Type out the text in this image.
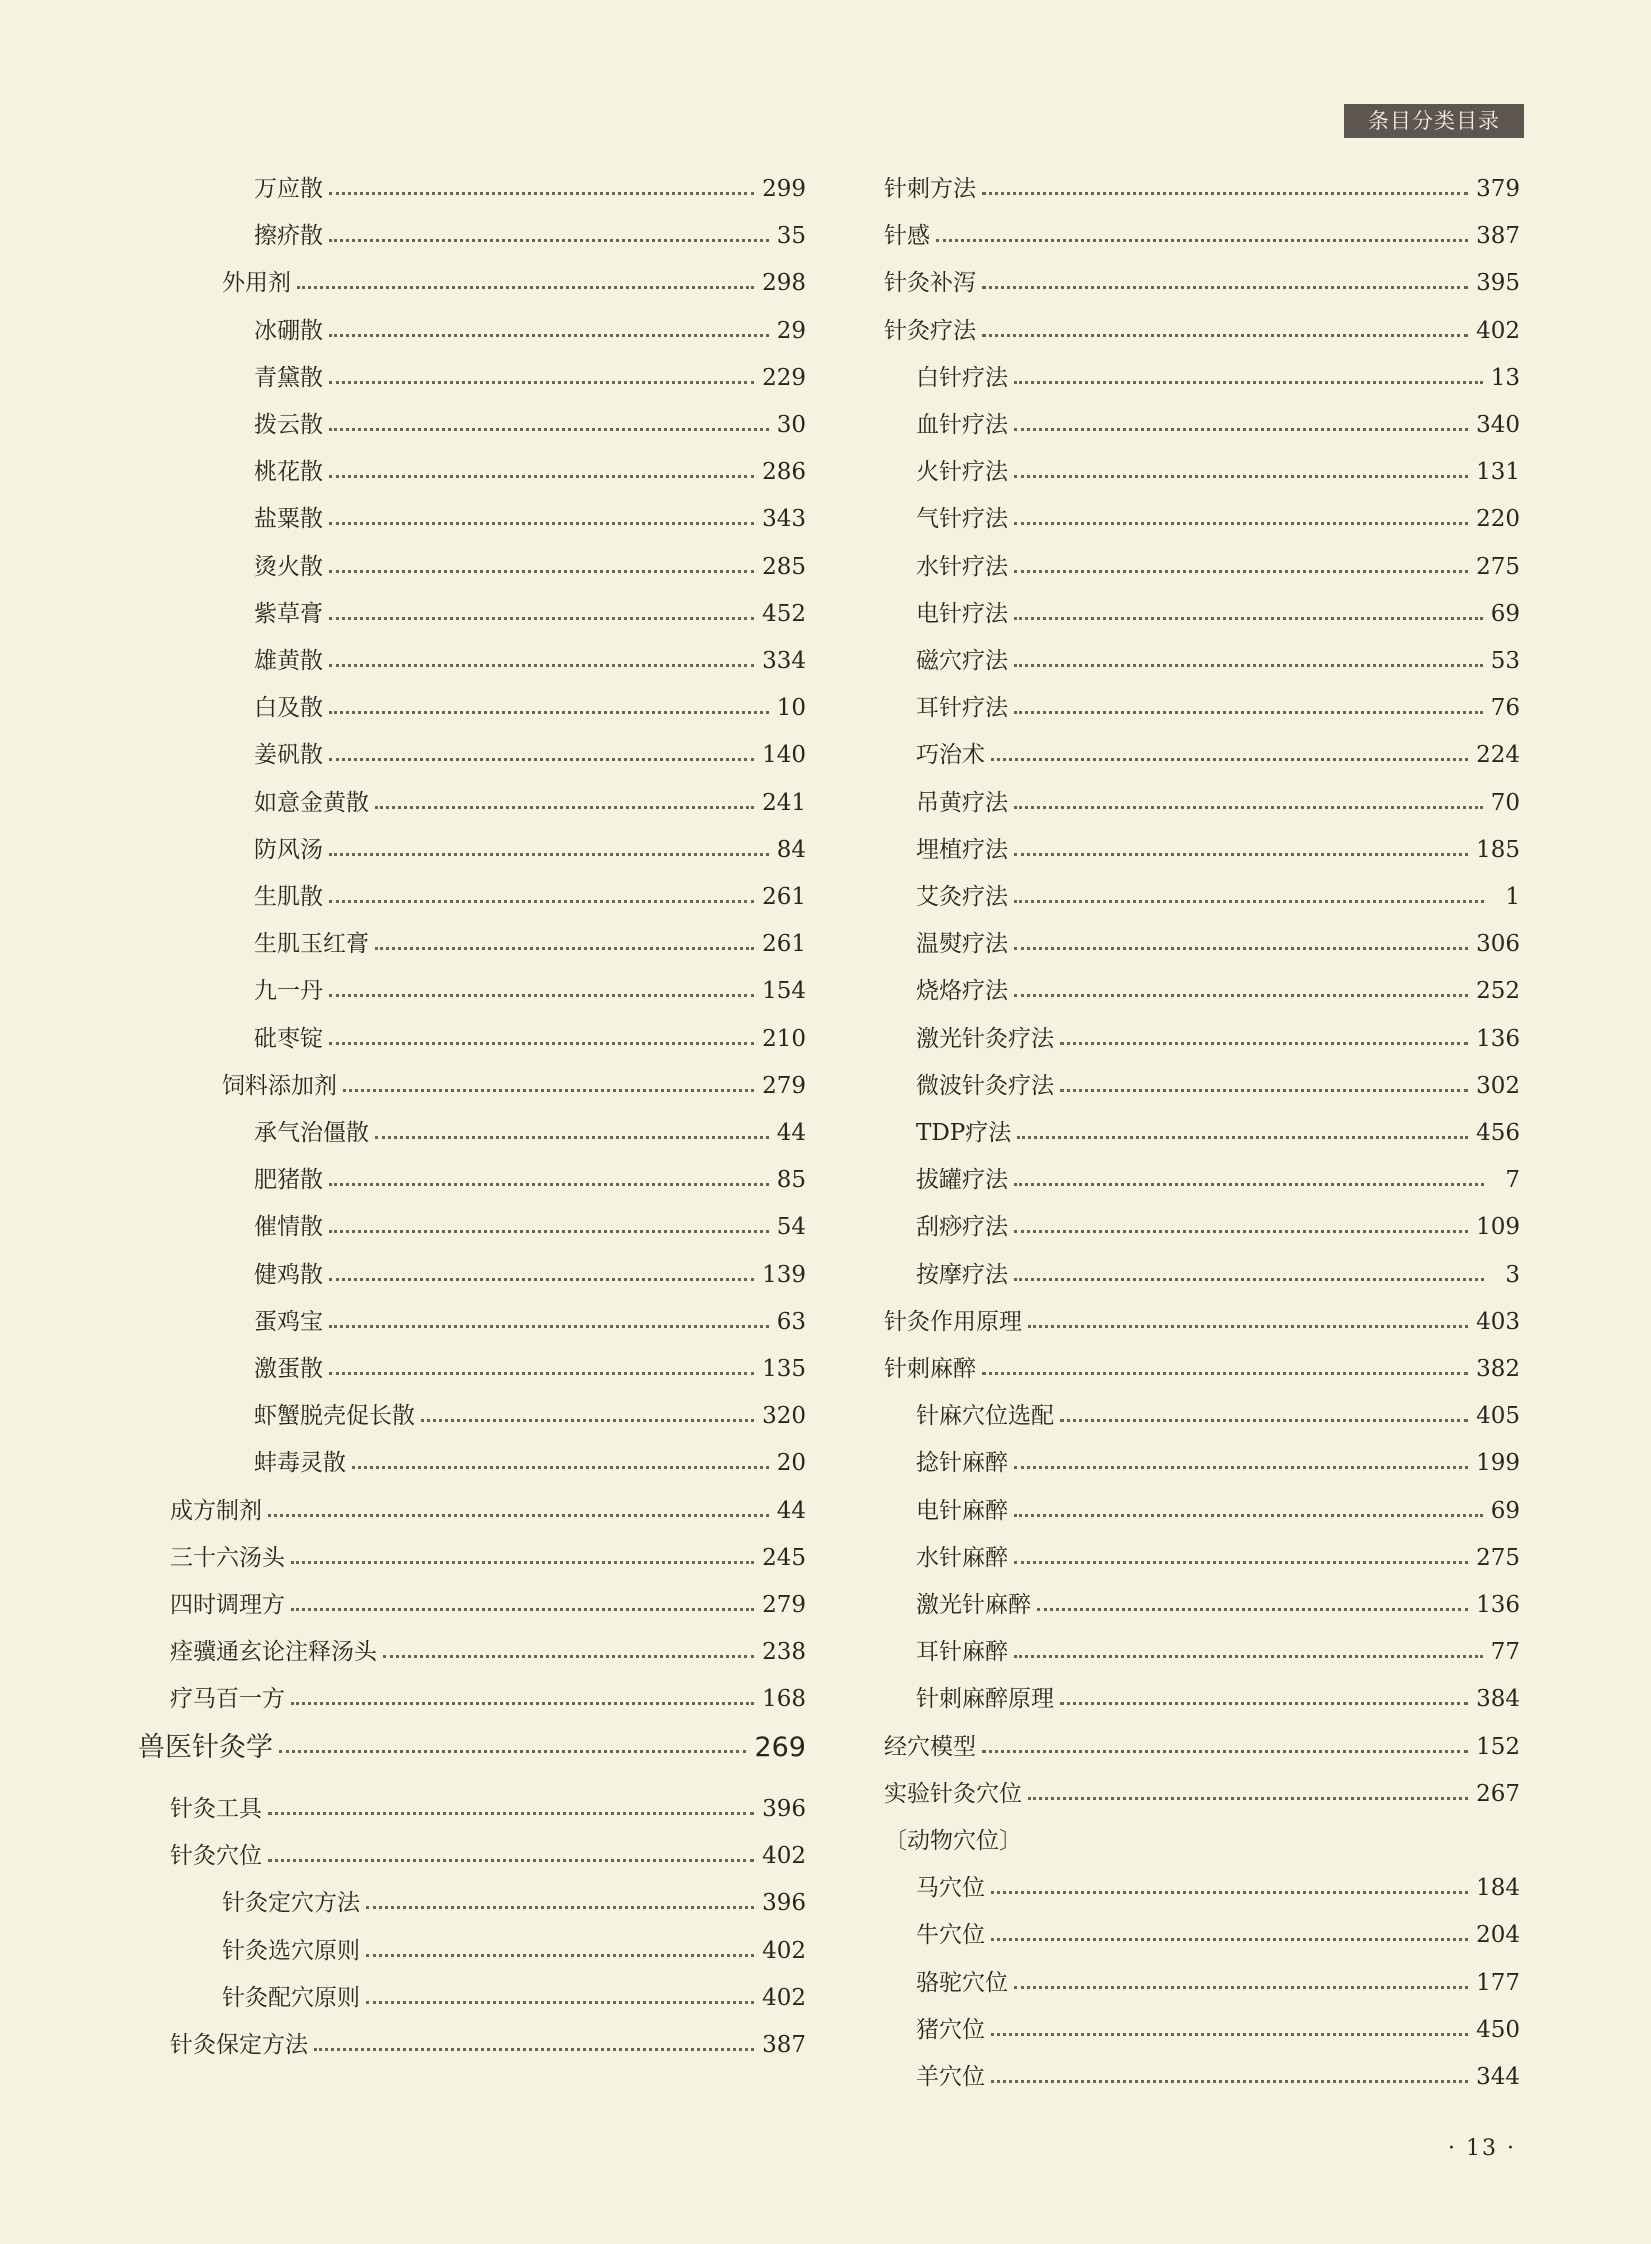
条目分类目录
万应散	299
擦疥散	35
外用剂	298
冰硼散	29
青黛散	229
拨云散	30
桃花散	286
盐粟散	343
烫火散	285
紫草膏	452
雄黄散	334
白及散	10
姜矾散	140
如意金黄散	241
防风汤	84
生肌散	261
生肌玉红膏	261
九一丹	154
砒枣锭	210
饲料添加剂	279
承气治僵散	44
肥猪散	85
催情散	54
健鸡散	139
蛋鸡宝	63
激蛋散	135
虾蟹脱壳促长散	320
蚌毒灵散	20
成方制剂	44
三十六汤头	245
四时调理方	279
痊骥通玄论注释汤头	238
疗马百一方	168
兽医针灸学	269
针灸工具	396
针灸穴位	402
针灸定穴方法	396
针灸选穴原则	402
针灸配穴原则	402
针灸保定方法	387
针刺方法	379
针感	387
针灸补泻	395
针灸疗法	402
白针疗法	13
血针疗法	340
火针疗法	131
气针疗法	220
水针疗法	275
电针疗法	69
磁穴疗法	53
耳针疗法	76
巧治术	224
吊黄疗法	70
埋植疗法	185
艾灸疗法	1
温熨疗法	306
烧烙疗法	252
激光针灸疗法	136
微波针灸疗法	302
TDP疗法	456
拔罐疗法	7
刮痧疗法	109
按摩疗法	3
针灸作用原理	403
针刺麻醉	382
针麻穴位选配	405
捻针麻醉	199
电针麻醉	69
水针麻醉	275
激光针麻醉	136
耳针麻醉	77
针刺麻醉原理	384
经穴模型	152
实验针灸穴位	267
〔动物穴位〕
马穴位	184
牛穴位	204
骆驼穴位	177
猪穴位	450
羊穴位	344
· 13 ·
